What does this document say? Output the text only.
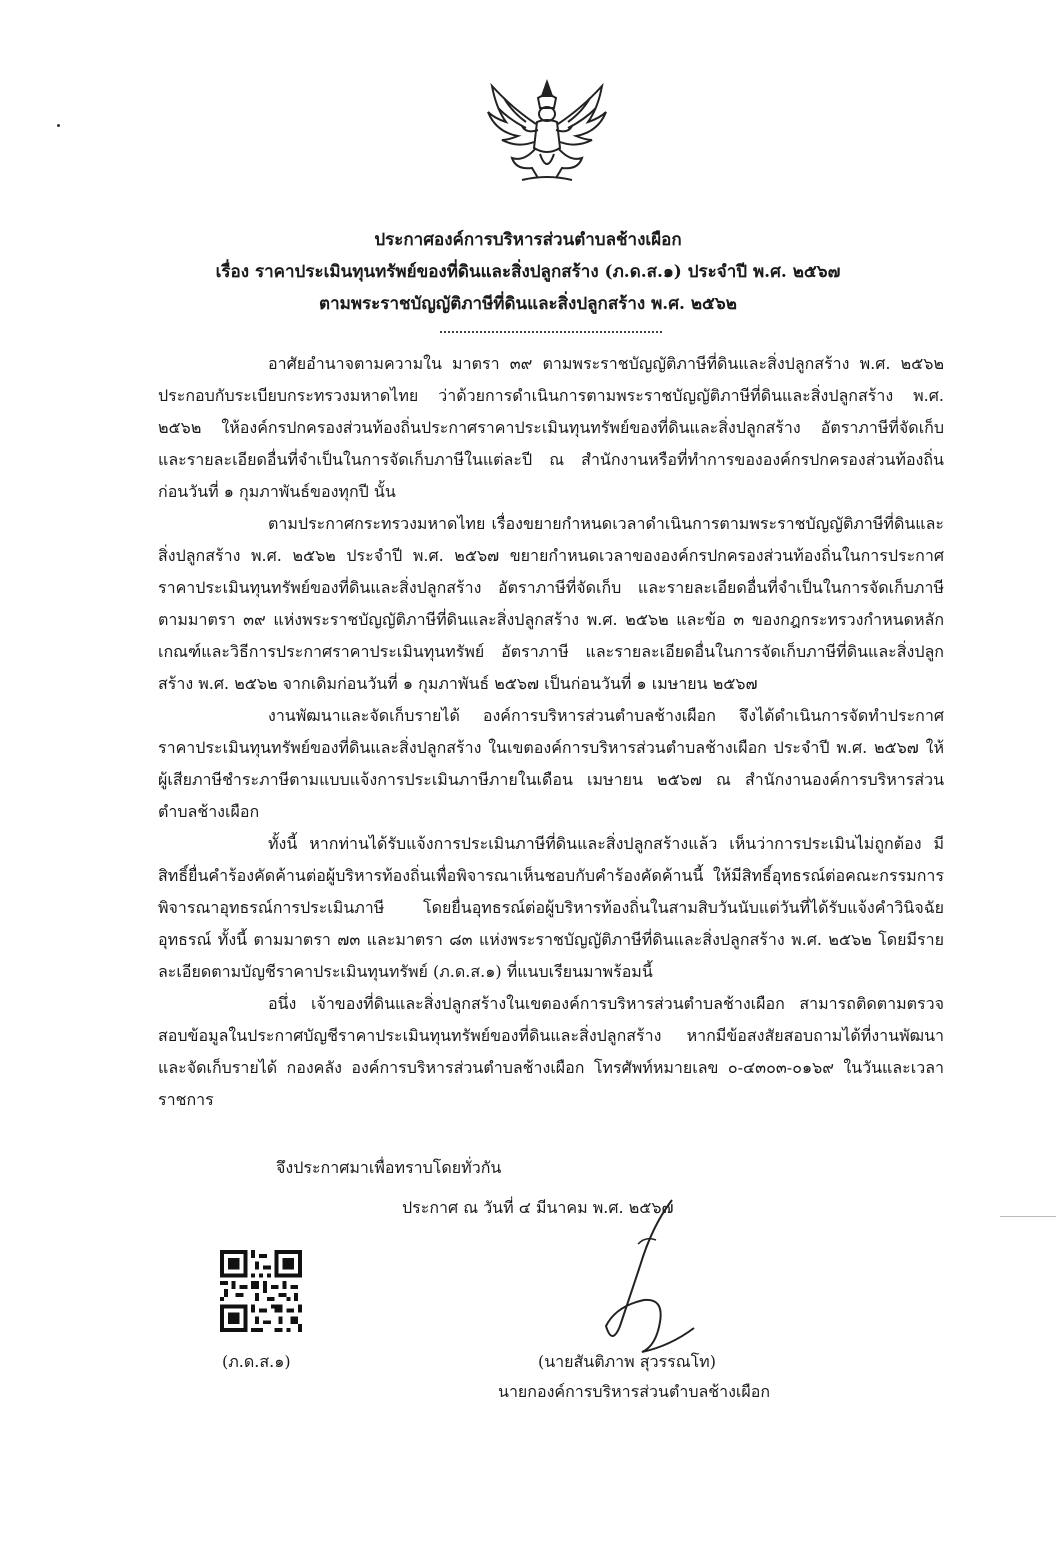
ประกาศองค์การบริหารส่วนตำบลช้างเผือก
เรื่อง ราคาประเมินทุนทรัพย์ของที่ดินและสิ่งปลูกสร้าง (ภ.ด.ส.๑) ประจำปี พ.ศ. ๒๕๖๗
ตามพระราชบัญญัติภาษีที่ดินและสิ่งปลูกสร้าง พ.ศ. ๒๕๖๒

อาศัยอำนาจตามความใน มาตรา ๓๙ ตามพระราชบัญญัติภาษีที่ดินและสิ่งปลูกสร้าง พ.ศ. ๒๕๖๒ ประกอบกับระเบียบกระทรวงมหาดไทย ว่าด้วยการดำเนินการตามพระราชบัญญัติภาษีที่ดินและสิ่งปลูกสร้าง พ.ศ. ๒๕๖๒ ให้องค์กรปกครองส่วนท้องถิ่นประกาศราคาประเมินทุนทรัพย์ของที่ดินและสิ่งปลูกสร้าง อัตราภาษีที่จัดเก็บ และรายละเอียดอื่นที่จำเป็นในการจัดเก็บภาษีในแต่ละปี ณ สำนักงานหรือที่ทำการขององค์กรปกครองส่วนท้องถิ่น ก่อนวันที่ ๑ กุมภาพันธ์ของทุกปี นั้น

ตามประกาศกระทรวงมหาดไทย เรื่องขยายกำหนดเวลาดำเนินการตามพระราชบัญญัติภาษีที่ดินและสิ่งปลูกสร้าง พ.ศ. ๒๕๖๒ ประจำปี พ.ศ. ๒๕๖๗ ขยายกำหนดเวลาขององค์กรปกครองส่วนท้องถิ่นในการประกาศราคาประเมินทุนทรัพย์ของที่ดินและสิ่งปลูกสร้าง อัตราภาษีที่จัดเก็บ และรายละเอียดอื่นที่จำเป็นในการจัดเก็บภาษี ตามมาตรา ๓๙ แห่งพระราชบัญญัติภาษีที่ดินและสิ่งปลูกสร้าง พ.ศ. ๒๕๖๒ และข้อ ๓ ของกฎกระทรวงกำหนดหลักเกณฑ์และวิธีการประกาศราคาประเมินทุนทรัพย์ อัตราภาษี และรายละเอียดอื่นในการจัดเก็บภาษีที่ดินและสิ่งปลูกสร้าง พ.ศ. ๒๕๖๒ จากเดิมก่อนวันที่ ๑ กุมภาพันธ์ ๒๕๖๗ เป็นก่อนวันที่ ๑ เมษายน ๒๕๖๗

งานพัฒนาและจัดเก็บรายได้ องค์การบริหารส่วนตำบลช้างเผือก จึงได้ดำเนินการจัดทำประกาศราคาประเมินทุนทรัพย์ของที่ดินและสิ่งปลูกสร้าง ในเขตองค์การบริหารส่วนตำบลช้างเผือก ประจำปี พ.ศ. ๒๕๖๗ ให้ผู้เสียภาษีชำระภาษีตามแบบแจ้งการประเมินภาษีภายในเดือน เมษายน ๒๕๖๗ ณ สำนักงานองค์การบริหารส่วนตำบลช้างเผือก

ทั้งนี้ หากท่านได้รับแจ้งการประเมินภาษีที่ดินและสิ่งปลูกสร้างแล้ว เห็นว่าการประเมินไม่ถูกต้อง มีสิทธิ์ยื่นคำร้องคัดค้านต่อผู้บริหารท้องถิ่นเพื่อพิจารณาเห็นชอบกับคำร้องคัดค้านนี้ ให้มีสิทธิ์อุทธรณ์ต่อคณะกรรมการพิจารณาอุทธรณ์การประเมินภาษี โดยยื่นอุทธรณ์ต่อผู้บริหารท้องถิ่นในสามสิบวันนับแต่วันที่ได้รับแจ้งคำวินิจฉัยอุทธรณ์ ทั้งนี้ ตามมาตรา ๗๓ และมาตรา ๘๓ แห่งพระราชบัญญัติภาษีที่ดินและสิ่งปลูกสร้าง พ.ศ. ๒๕๖๒ โดยมีรายละเอียดตามบัญชีราคาประเมินทุนทรัพย์ (ภ.ด.ส.๑) ที่แนบเรียนมาพร้อมนี้

อนึ่ง เจ้าของที่ดินและสิ่งปลูกสร้างในเขตองค์การบริหารส่วนตำบลช้างเผือก สามารถติดตามตรวจสอบข้อมูลในประกาศบัญชีราคาประเมินทุนทรัพย์ของที่ดินและสิ่งปลูกสร้าง หากมีข้อสงสัยสอบถามได้ที่งานพัฒนาและจัดเก็บรายได้ กองคลัง องค์การบริหารส่วนตำบลช้างเผือก โทรศัพท์หมายเลข ๐-๔๓๐๓-๐๑๖๙ ในวันและเวลาราชการ

จึงประกาศมาเพื่อทราบโดยทั่วกัน
ประกาศ ณ วันที่ ๔ มีนาคม พ.ศ. ๒๕๖๗
(ภ.ด.ส.๑)	(นายสันติภาพ สุวรรณโท)
นายกองค์การบริหารส่วนตำบลช้างเผือก
